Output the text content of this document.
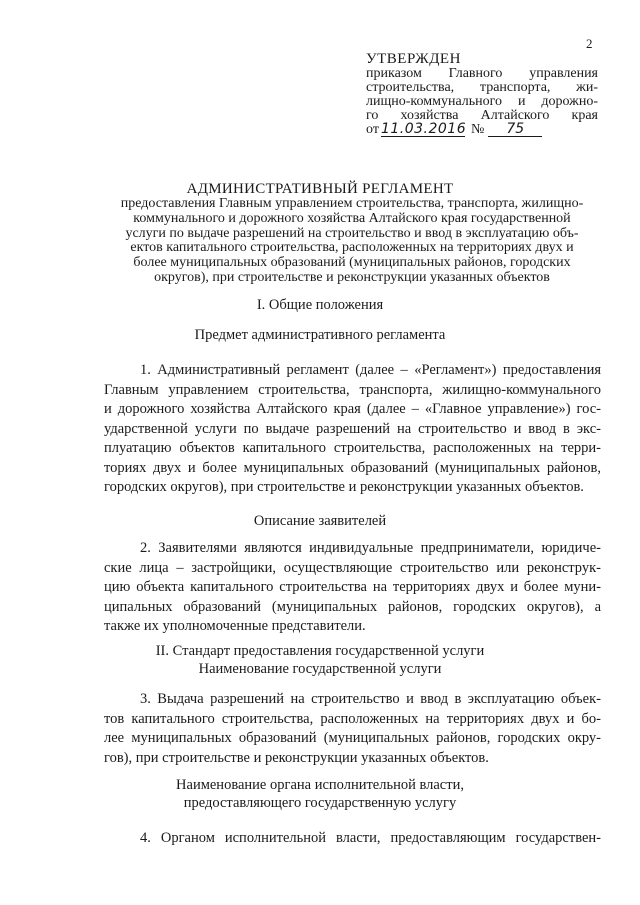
2
УТВЕРЖДЕН
приказом Главного управления
строительства, транспорта, жи-
лищно-коммунального и дорожно-
го хозяйства Алтайского края
от 11.03.2016 №	75
АДМИНИСТРАТИВНЫЙ РЕГЛАМЕНТ
предоставления Главным управлением строительства, транспорта, жилищно-
коммунального и дорожного хозяйства Алтайского края государственной
услуги по выдаче разрешений на строительство и ввод в эксплуатацию объ-
ектов капитального строительства, расположенных на территориях двух и
более муниципальных образований (муниципальных районов, городских
округов), при строительстве и реконструкции указанных объектов
I. Общие положения
Предмет административного регламента
1. Административный регламент (далее – «Регламент») предоставления
Главным управлением строительства, транспорта, жилищно-коммунального
и дорожного хозяйства Алтайского края (далее – «Главное управление») гос-
ударственной услуги по выдаче разрешений на строительство и ввод в экс-
плуатацию объектов капитального строительства, расположенных на терри-
ториях двух и более муниципальных образований (муниципальных районов,
городских округов), при строительстве и реконструкции указанных объектов.
Описание заявителей
2. Заявителями являются индивидуальные предприниматели, юридиче-
ские лица – застройщики, осуществляющие строительство или реконструк-
цию объекта капитального строительства на территориях двух и более муни-
ципальных образований (муниципальных районов, городских округов), а
также их уполномоченные представители.
II. Стандарт предоставления государственной услуги
Наименование государственной услуги
3. Выдача разрешений на строительство и ввод в эксплуатацию объек-
тов капитального строительства, расположенных на территориях двух и бо-
лее муниципальных образований (муниципальных районов, городских окру-
гов), при строительстве и реконструкции указанных объектов.
Наименование органа исполнительной власти,
предоставляющего государственную услугу
4. Органом исполнительной власти, предоставляющим государствен-
